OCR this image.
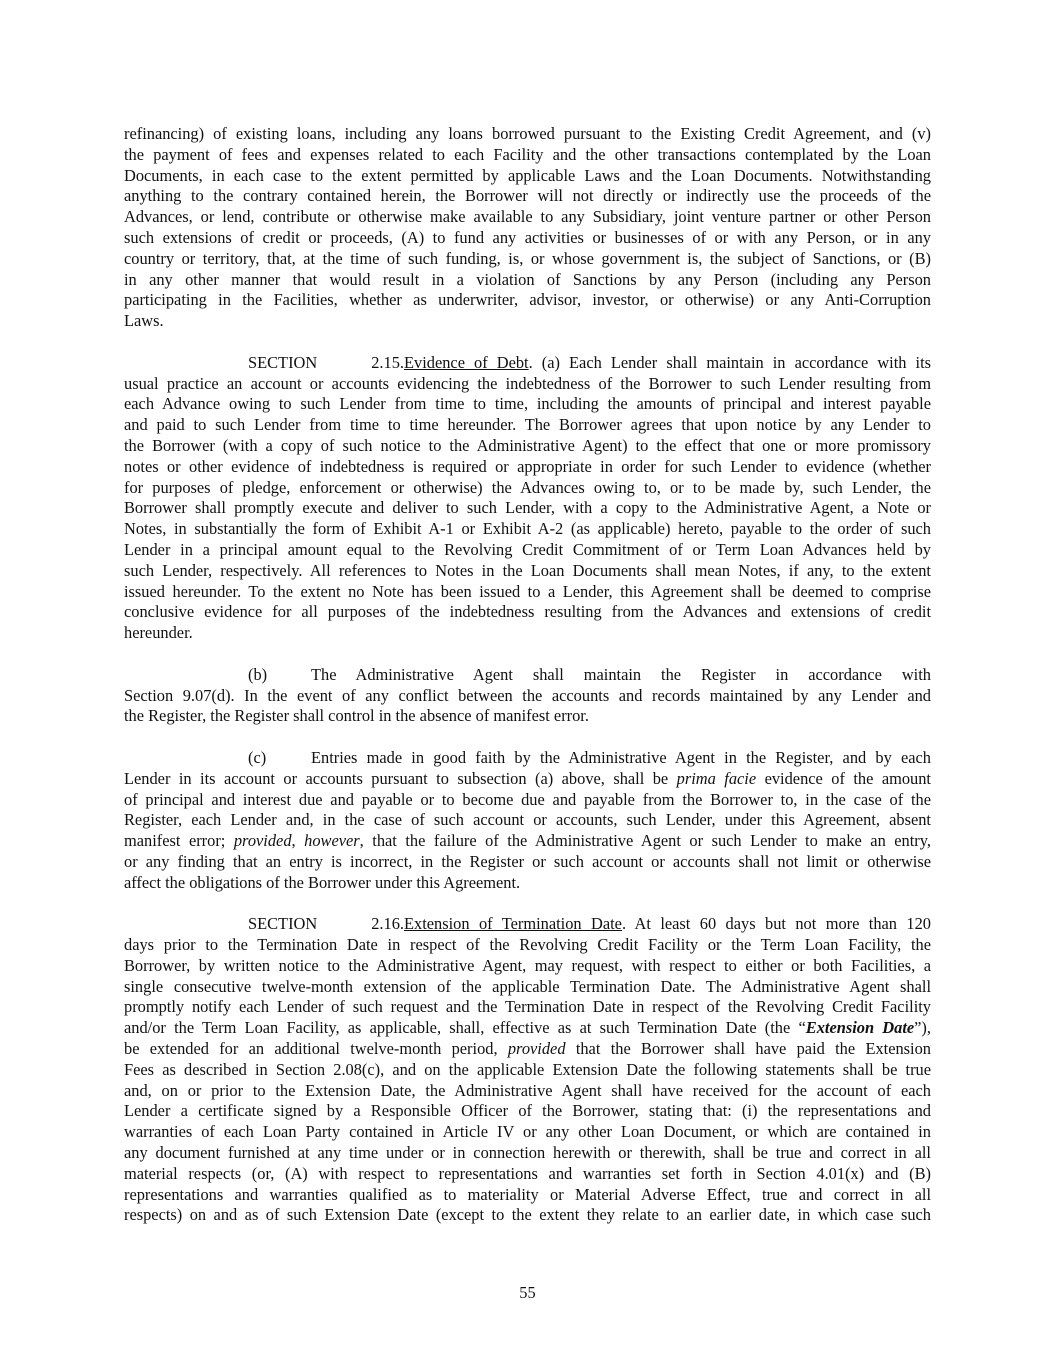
refinancing) of existing loans, including any loans borrowed pursuant to the Existing Credit Agreement, and (v)
the payment of fees and expenses related to each Facility and the other transactions contemplated by the Loan
Documents, in each case to the extent permitted by applicable Laws and the Loan Documents. Notwithstanding
anything to the contrary contained herein, the Borrower will not directly or indirectly use the proceeds of the
Advances, or lend, contribute or otherwise make available to any Subsidiary, joint venture partner or other Person
such extensions of credit or proceeds, (A) to fund any activities or businesses of or with any Person, or in any
country or territory, that, at the time of such funding, is, or whose government is, the subject of Sanctions, or (B)
in any other manner that would result in a violation of Sanctions by any Person (including any Person
participating in the Facilities, whether as underwriter, advisor, investor, or otherwise) or any Anti-Corruption
Laws.
SECTION 2.15.Evidence of Debt. (a) Each Lender shall maintain in accordance with its
usual practice an account or accounts evidencing the indebtedness of the Borrower to such Lender resulting from
each Advance owing to such Lender from time to time, including the amounts of principal and interest payable
and paid to such Lender from time to time hereunder. The Borrower agrees that upon notice by any Lender to
the Borrower (with a copy of such notice to the Administrative Agent) to the effect that one or more promissory
notes or other evidence of indebtedness is required or appropriate in order for such Lender to evidence (whether
for purposes of pledge, enforcement or otherwise) the Advances owing to, or to be made by, such Lender, the
Borrower shall promptly execute and deliver to such Lender, with a copy to the Administrative Agent, a Note or
Notes, in substantially the form of Exhibit A-1 or Exhibit A-2 (as applicable) hereto, payable to the order of such
Lender in a principal amount equal to the Revolving Credit Commitment of or Term Loan Advances held by
such Lender, respectively. All references to Notes in the Loan Documents shall mean Notes, if any, to the extent
issued hereunder. To the extent no Note has been issued to a Lender, this Agreement shall be deemed to comprise
conclusive evidence for all purposes of the indebtedness resulting from the Advances and extensions of credit
hereunder.
(b)	The Administrative Agent shall maintain the Register in accordance with
Section 9.07(d). In the event of any conflict between the accounts and records maintained by any Lender and
the Register, the Register shall control in the absence of manifest error.
(c)	Entries made in good faith by the Administrative Agent in the Register, and by each
Lender in its account or accounts pursuant to subsection (a) above, shall be prima facie evidence of the amount
of principal and interest due and payable or to become due and payable from the Borrower to, in the case of the
Register, each Lender and, in the case of such account or accounts, such Lender, under this Agreement, absent
manifest error; provided, however, that the failure of the Administrative Agent or such Lender to make an entry,
or any finding that an entry is incorrect, in the Register or such account or accounts shall not limit or otherwise
affect the obligations of the Borrower under this Agreement.
SECTION 2.16.Extension of Termination Date. At least 60 days but not more than 120
days prior to the Termination Date in respect of the Revolving Credit Facility or the Term Loan Facility, the
Borrower, by written notice to the Administrative Agent, may request, with respect to either or both Facilities, a
single consecutive twelve-month extension of the applicable Termination Date. The Administrative Agent shall
promptly notify each Lender of such request and the Termination Date in respect of the Revolving Credit Facility
and/or the Term Loan Facility, as applicable, shall, effective as at such Termination Date (the “Extension Date”),
be extended for an additional twelve-month period, provided that the Borrower shall have paid the Extension
Fees as described in Section 2.08(c), and on the applicable Extension Date the following statements shall be true
and, on or prior to the Extension Date, the Administrative Agent shall have received for the account of each
Lender a certificate signed by a Responsible Officer of the Borrower, stating that: (i) the representations and
warranties of each Loan Party contained in Article IV or any other Loan Document, or which are contained in
any document furnished at any time under or in connection herewith or therewith, shall be true and correct in all
material respects (or, (A) with respect to representations and warranties set forth in Section 4.01(x) and (B)
representations and warranties qualified as to materiality or Material Adverse Effect, true and correct in all
respects) on and as of such Extension Date (except to the extent they relate to an earlier date, in which case such
55
